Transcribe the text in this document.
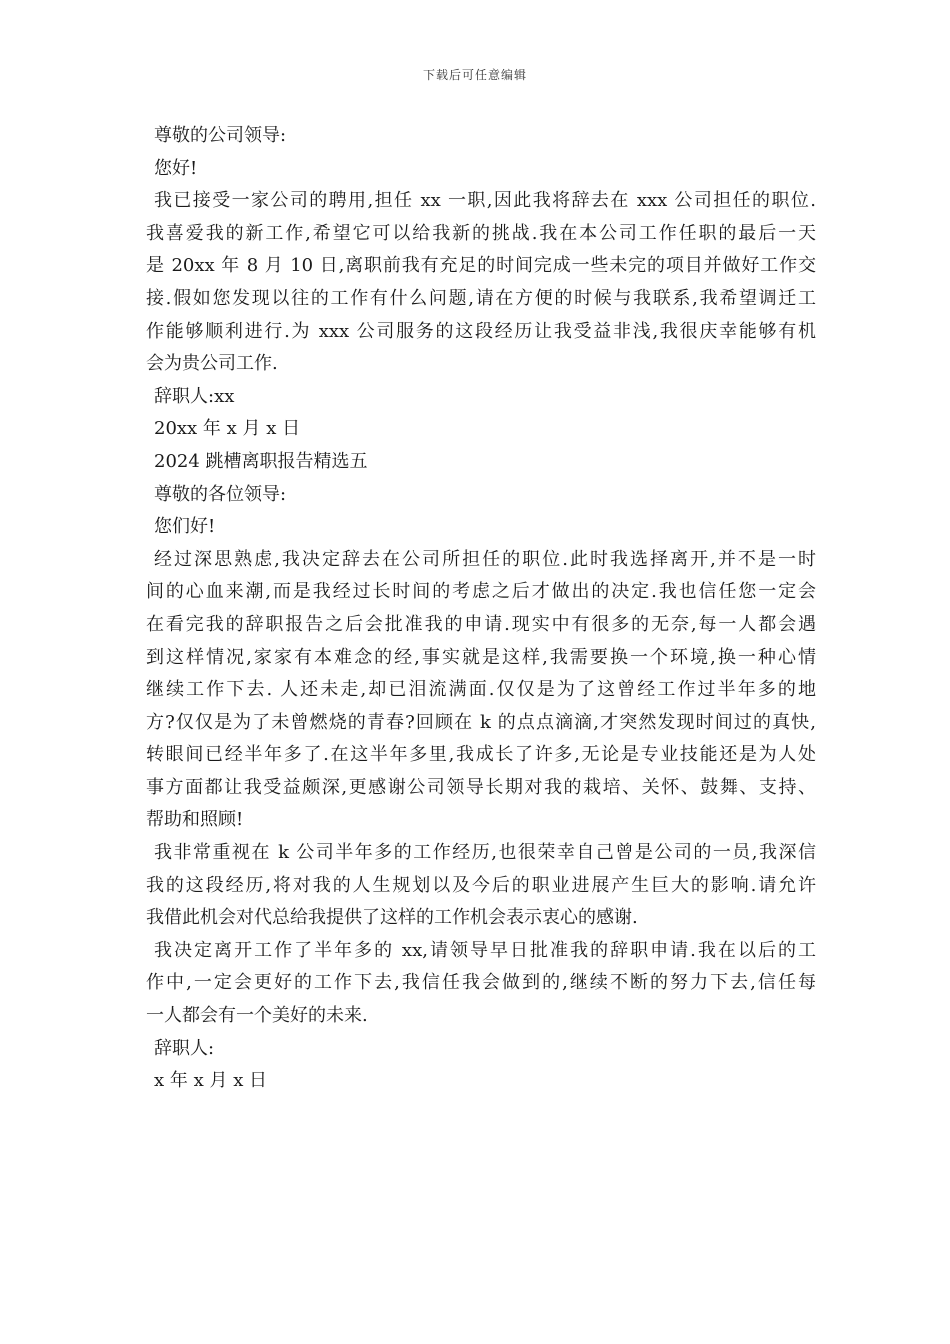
下载后可任意编辑
尊敬的公司领导:
您好!
我已接受一家公司的聘用,担任 xx 一职,因此我将辞去在 xxx 公司担任的职位.
我喜爱我的新工作,希望它可以给我新的挑战.我在本公司工作任职的最后一天
是 20xx 年 8 月 10 日,离职前我有充足的时间完成一些未完的项目并做好工作交
接.假如您发现以往的工作有什么问题,请在方便的时候与我联系,我希望调迁工
作能够顺利进行.为 xxx 公司服务的这段经历让我受益非浅,我很庆幸能够有机
会为贵公司工作.
辞职人:xx
20xx 年 x 月 x 日
2024 跳槽离职报告精选五
尊敬的各位领导:
您们好!
经过深思熟虑,我决定辞去在公司所担任的职位.此时我选择离开,并不是一时
间的心血来潮,而是我经过长时间的考虑之后才做出的决定.我也信任您一定会
在看完我的辞职报告之后会批准我的申请.现实中有很多的无奈,每一人都会遇
到这样情况,家家有本难念的经,事实就是这样,我需要换一个环境,换一种心情
继续工作下去. 人还未走,却已泪流满面.仅仅是为了这曾经工作过半年多的地
方?仅仅是为了未曾燃烧的青春?回顾在 k 的点点滴滴,才突然发现时间过的真快,
转眼间已经半年多了.在这半年多里,我成长了许多,无论是专业技能还是为人处
事方面都让我受益颇深,更感谢公司领导长期对我的栽培、关怀、鼓舞、支持、
帮助和照顾!
我非常重视在 k 公司半年多的工作经历,也很荣幸自己曾是公司的一员,我深信
我的这段经历,将对我的人生规划以及今后的职业进展产生巨大的影响.请允许
我借此机会对代总给我提供了这样的工作机会表示衷心的感谢.
我决定离开工作了半年多的 xx,请领导早日批准我的辞职申请.我在以后的工
作中,一定会更好的工作下去,我信任我会做到的,继续不断的努力下去,信任每
一人都会有一个美好的未来.
辞职人:
x 年 x 月 x 日
